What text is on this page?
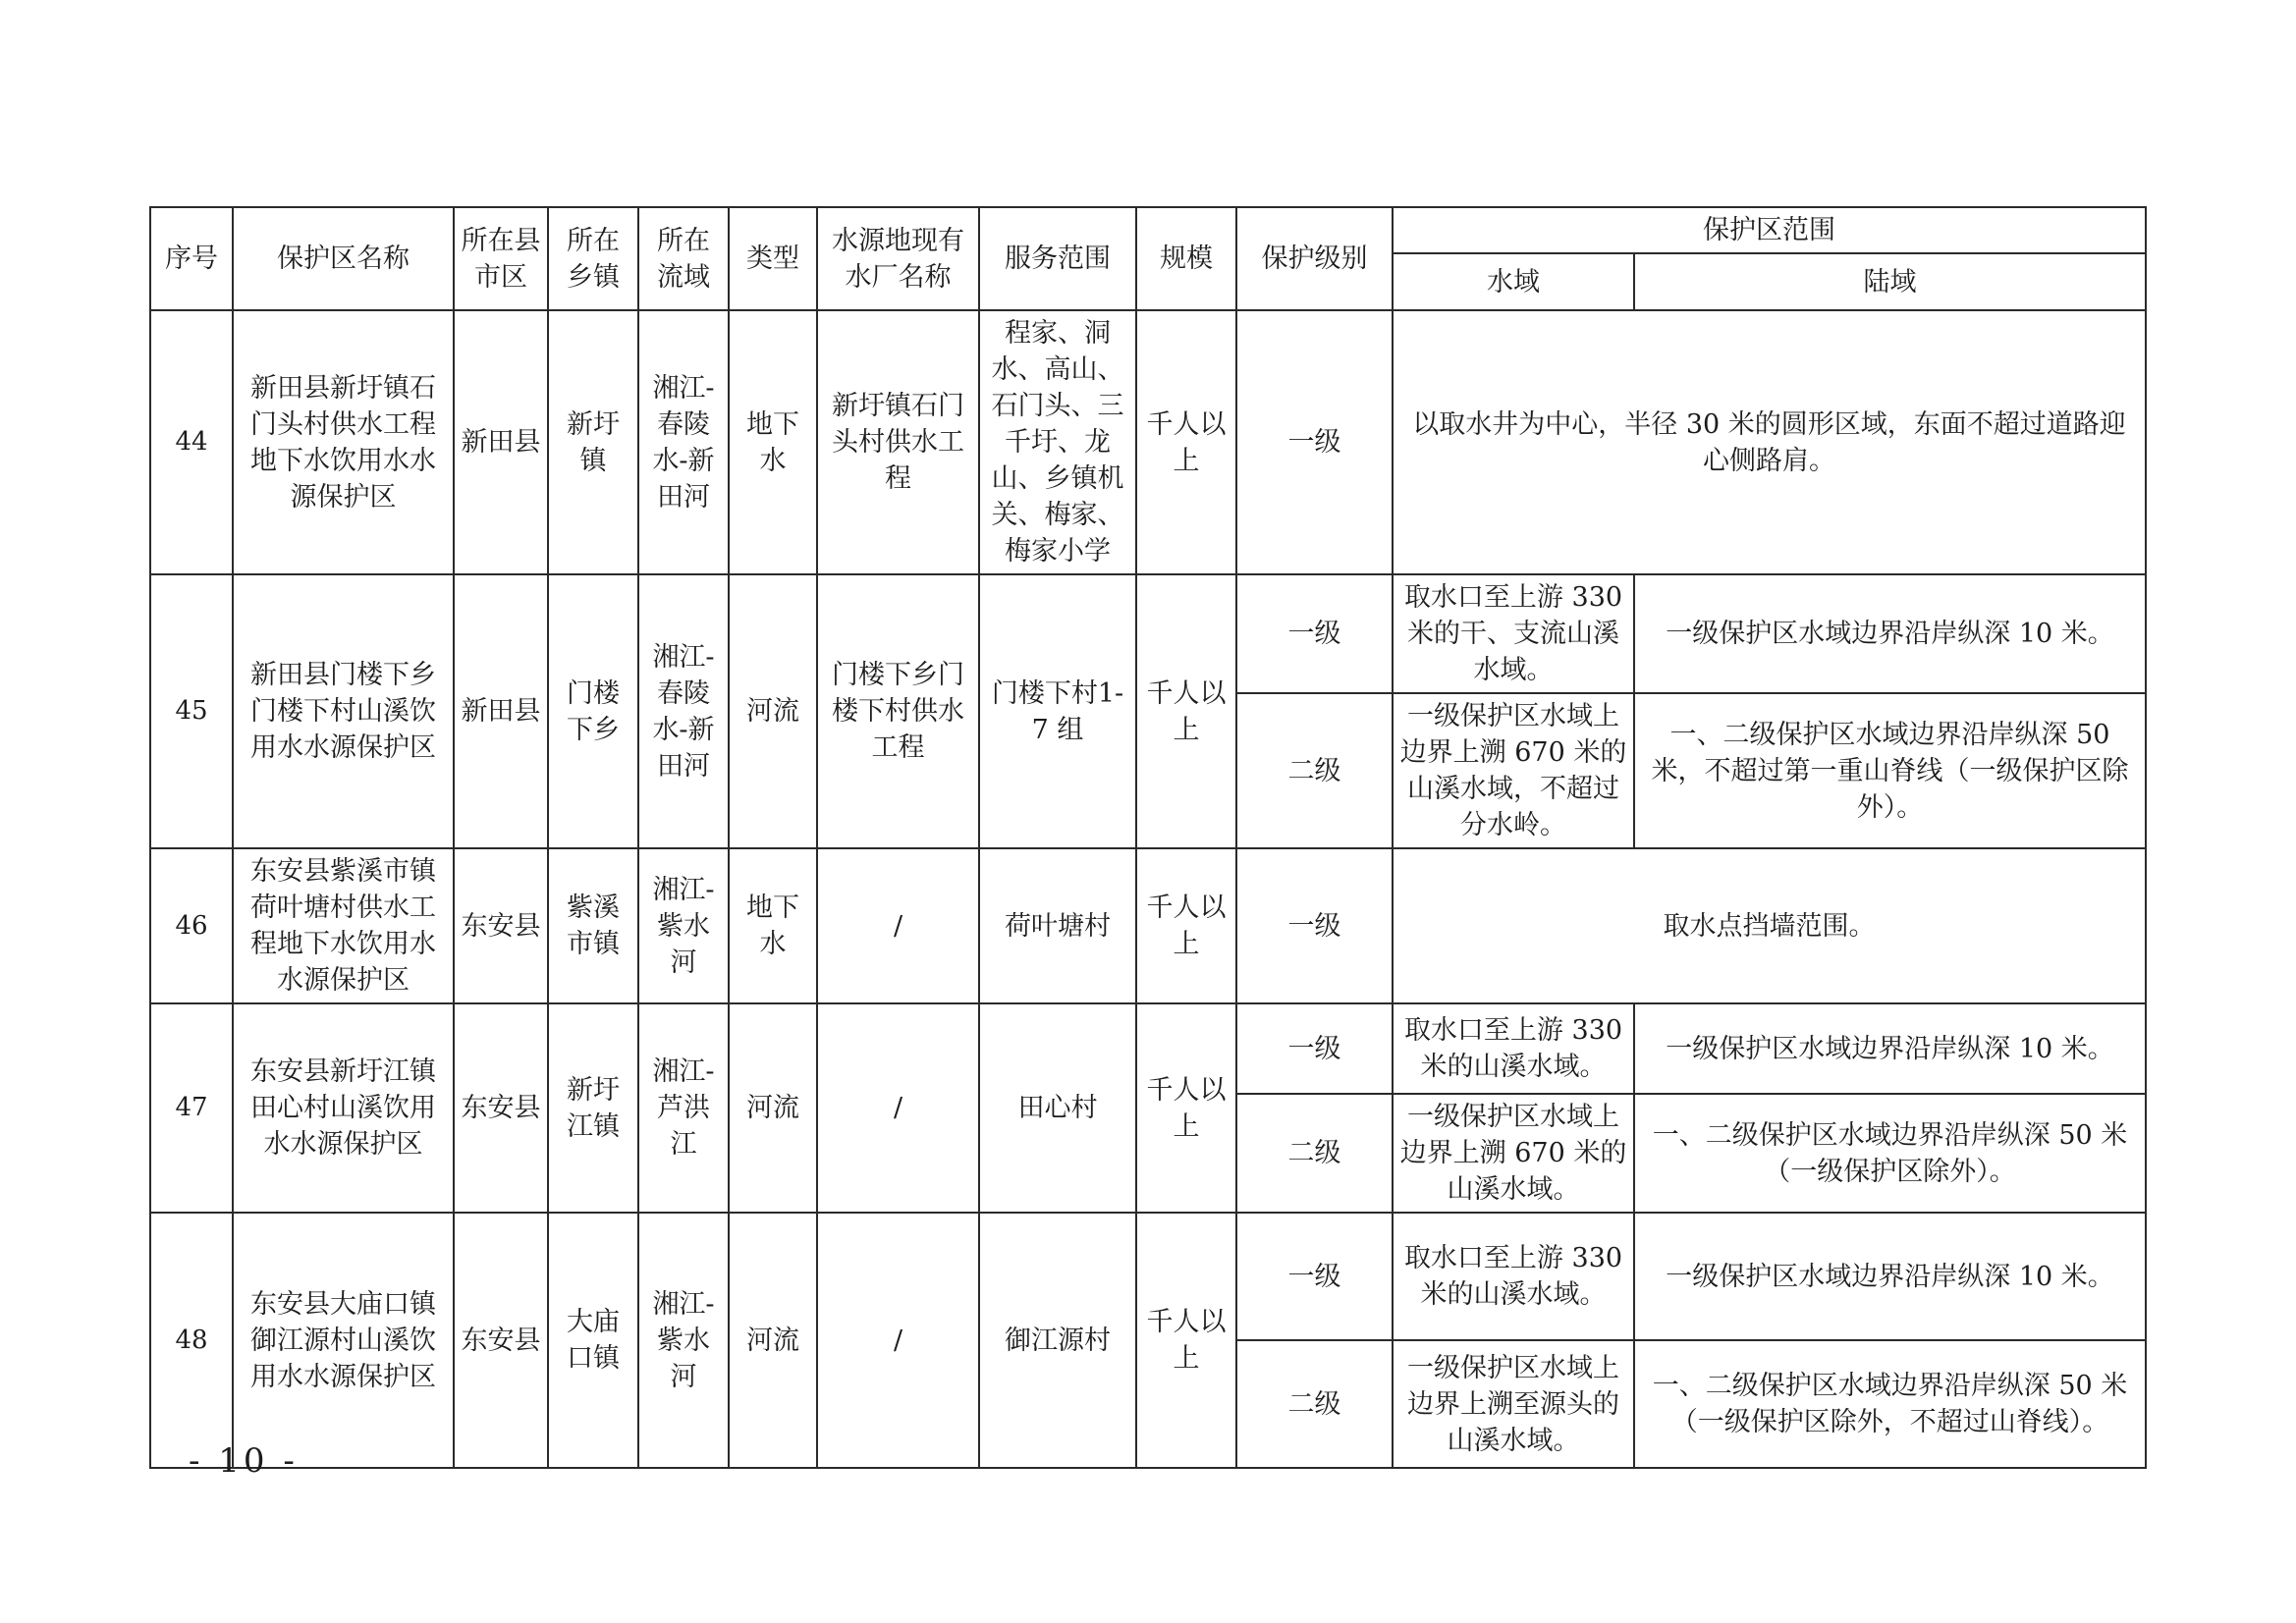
序号	保护区名称	所在县市区	所在乡镇	所在流域	类型	水源地现有水厂名称	服务范围	规模	保护级别	保护区范围	
										水域	陆域
44	新田县新圩镇石门头村供水工程地下水饮用水水源保护区	新田县	新圩镇	湘江-春陵水-新田河	地下水	新圩镇石门头村供水工程	程家、洞水、高山、石门头、三千圩、龙山、乡镇机关、梅家、梅家小学	千人以上	一级	以取水井为中心，半径 30 米的圆形区域，东面不超过道路迎心侧路肩。	
45	新田县门楼下乡门楼下村山溪饮用水水源保护区	新田县	门楼下乡	湘江-春陵水-新田河	河流	门楼下乡门楼下村供水工程	门楼下村1-7 组	千人以上	一级	取水口至上游 330 米的干、支流山溪水域。	一级保护区水域边界沿岸纵深 10 米。
									二级	一级保护区水域上边界上溯 670 米的山溪水域，不超过分水岭。	一、二级保护区水域边界沿岸纵深 50 米，不超过第一重山脊线（一级保护区除外）。
46	东安县紫溪市镇荷叶塘村供水工程地下水饮用水水源保护区	东安县	紫溪市镇	湘江-紫水河	地下水	/	荷叶塘村	千人以上	一级	取水点挡墙范围。	
47	东安县新圩江镇田心村山溪饮用水水源保护区	东安县	新圩江镇	湘江-芦洪江	河流	/	田心村	千人以上	一级	取水口至上游 330 米的山溪水域。	一级保护区水域边界沿岸纵深 10 米。
									二级	一级保护区水域上边界上溯 670 米的山溪水域。	一、二级保护区水域边界沿岸纵深 50 米（一级保护区除外）。
48	东安县大庙口镇御江源村山溪饮用水水源保护区	东安县	大庙口镇	湘江-紫水河	河流	/	御江源村	千人以上	一级	取水口至上游 330 米的山溪水域。	一级保护区水域边界沿岸纵深 10 米。
									二级	一级保护区水域上边界上溯至源头的山溪水域。	一、二级保护区水域边界沿岸纵深 50 米（一级保护区除外，不超过山脊线）。
- 10 -
